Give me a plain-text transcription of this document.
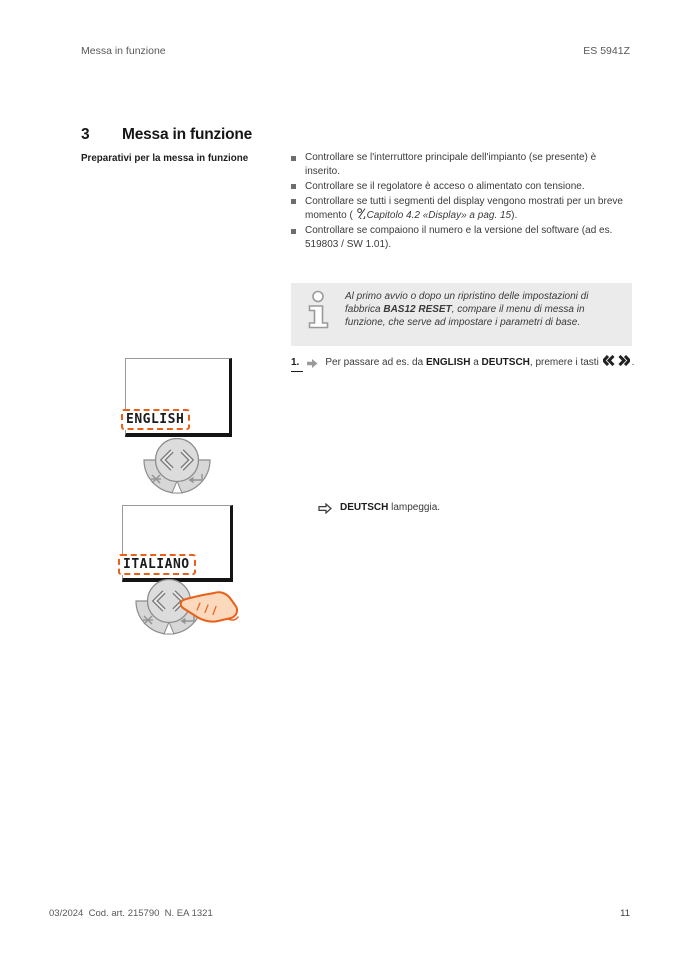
Messa in funzione	ES 5941Z
3 Messa in funzione
Preparativi per la messa in funzione	Controllare se l'interruttore principale dell'impianto (se presente) è inserito.
Controllare se il regolatore è acceso o alimentato con tensione.
Controllare se tutti i segmenti del display vengono mostrati per un breve momento ( Capitolo 4.2 «Display» a pag. 15).
Controllare se compaiono il numero e la versione del software (ad es. 519803 / SW 1.01).

Al primo avvio o dopo un ripristino delle impostazioni di fabbrica BAS12 RESET, compare il menu di messa in funzione, che serve ad impostare i parametri di base.

1.	Per passare ad es. da ENGLISH a DEUTSCH, premere i tasti	.
ENGLISH
DEUTSCH lampeggia.
ITALIANO
03/2024  Cod. art. 215790  N. EA 1321	11
